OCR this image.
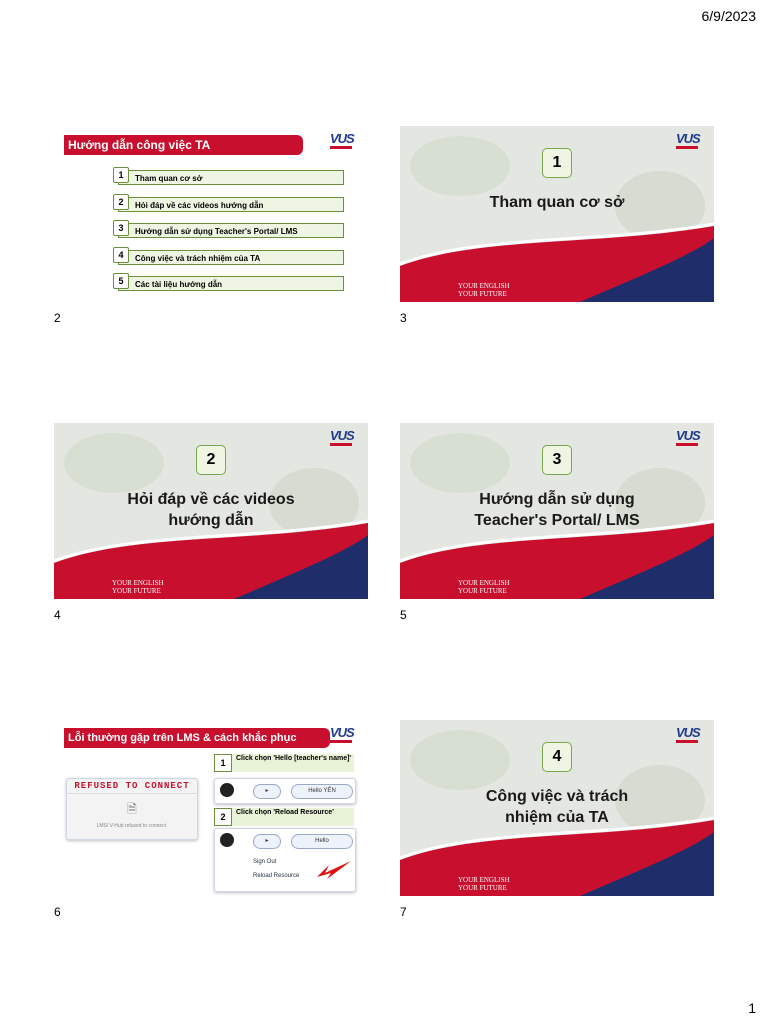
6/9/2023
Hướng dẫn công việc TA	VUS
1	Tham quan cơ sở
2	Hỏi đáp về các videos hướng dẫn
3	Hướng dẫn sử dụng Teacher's Portal/ LMS
4	Công việc và trách nhiệm của TA
5	Các tài liệu hướng dẫn
2
VUS
1
Tham quan cơ sở
YOUR ENGLISH
YOUR FUTURE
3
VUS
2
Hỏi đáp về các videos
hướng dẫn
YOUR ENGLISH
YOUR FUTURE
4
VUS
3
Hướng dẫn sử dụng
Teacher's Portal/ LMS
YOUR ENGLISH
YOUR FUTURE
5
Lỗi thường gặp trên LMS & cách khắc phục	VUS
REFUSED TO CONNECT
🗎
LMS/ V-Hub refused to connect.
1	Click chọn 'Hello [teacher's name]'
▸	Hello YẾN
2	Click chọn 'Reload Resource'
▸	Hello
Sign Out
Reload Resource
6
VUS
4
Công việc và trách
nhiệm của TA
YOUR ENGLISH
YOUR FUTURE
7
1
